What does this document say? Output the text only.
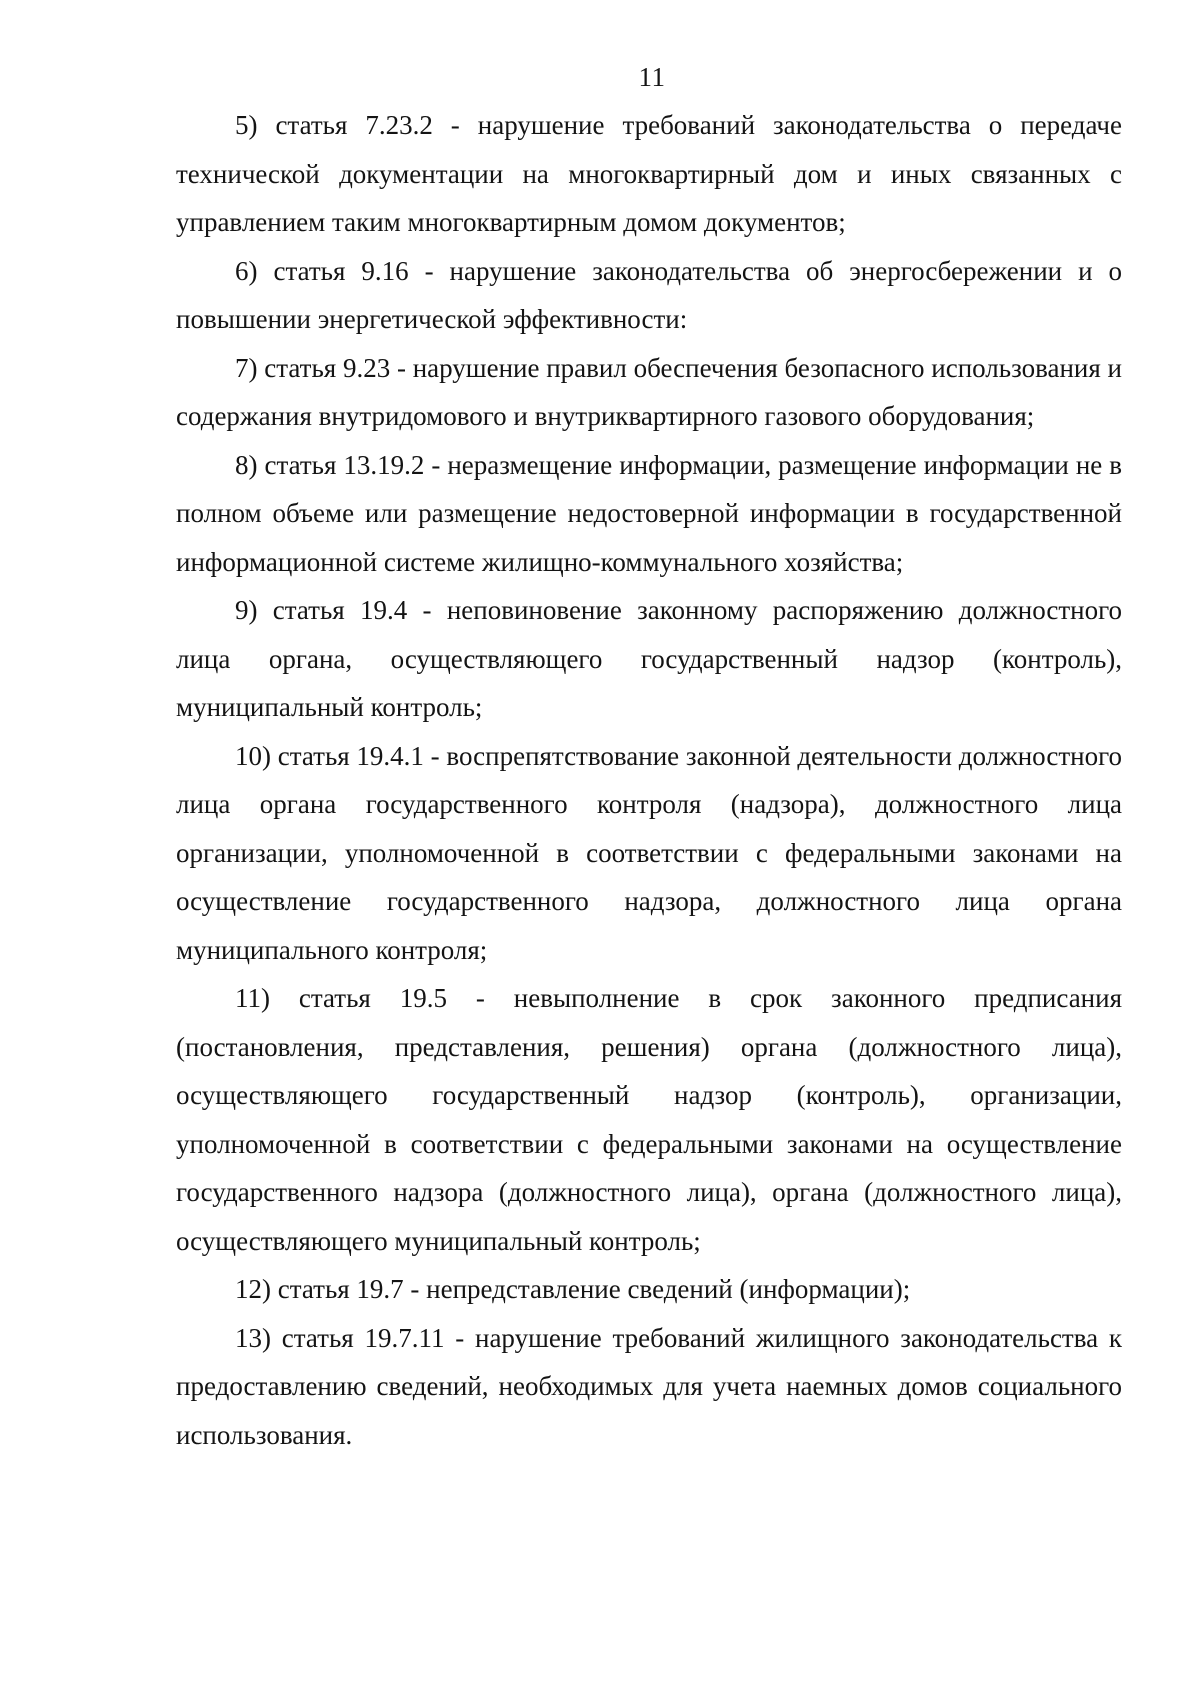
11

5) статья 7.23.2 - нарушение требований законодательства о передаче технической документации на многоквартирный дом и иных связанных с управлением таким многоквартирным домом документов;

6) статья 9.16 - нарушение законодательства об энергосбережении и о повышении энергетической эффективности:

7) статья 9.23 - нарушение правил обеспечения безопасного использования и содержания внутридомового и внутриквартирного газового оборудования;

8) статья 13.19.2 - неразмещение информации, размещение информации не в полном объеме или размещение недостоверной информации в государственной информационной системе жилищно-коммунального хозяйства;

9) статья 19.4 - неповиновение законному распоряжению должностного лица органа, осуществляющего государственный надзор (контроль), муниципальный контроль;

10) статья 19.4.1 - воспрепятствование законной деятельности должностного лица органа государственного контроля (надзора), должностного лица организации, уполномоченной в соответствии с федеральными законами на осуществление государственного надзора, должностного лица органа муниципального контроля;

11) статья 19.5 - невыполнение в срок законного предписания (постановления, представления, решения) органа (должностного лица), осуществляющего государственный надзор (контроль), организации, уполномоченной в соответствии с федеральными законами на осуществление государственного надзора (должностного лица), органа (должностного лица), осуществляющего муниципальный контроль;

12) статья 19.7 - непредставление сведений (информации);

13) статья 19.7.11 - нарушение требований жилищного законодательства к предоставлению сведений, необходимых для учета наемных домов социального использования.
